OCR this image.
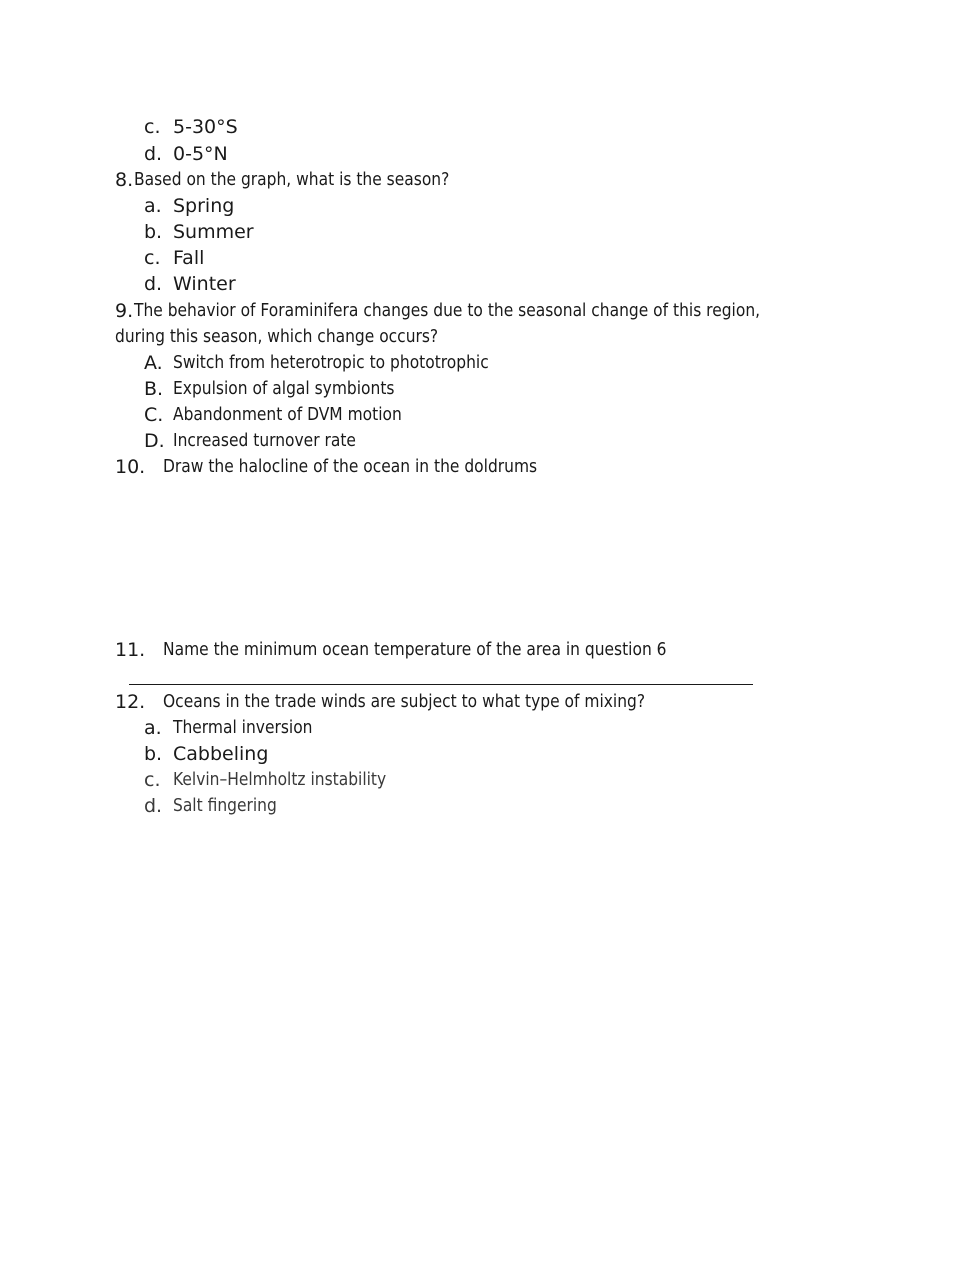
c. 5-30°S
d. 0-5°N
8. Based on the graph, what is the season?
a. Spring
b. Summer
c. Fall
d. Winter
9. The behavior of Foraminifera changes due to the seasonal change of this region,
during this season, which change occurs?
A. Switch from heterotropic to phototrophic
B. Expulsion of algal symbionts
C. Abandonment of DVM motion
D. Increased turnover rate
10. Draw the halocline of the ocean in the doldrums
11. Name the minimum ocean temperature of the area in question 6
12. Oceans in the trade winds are subject to what type of mixing?
a. Thermal inversion
b. Cabbeling
c. Kelvin–Helmholtz instability
d. Salt fingering
